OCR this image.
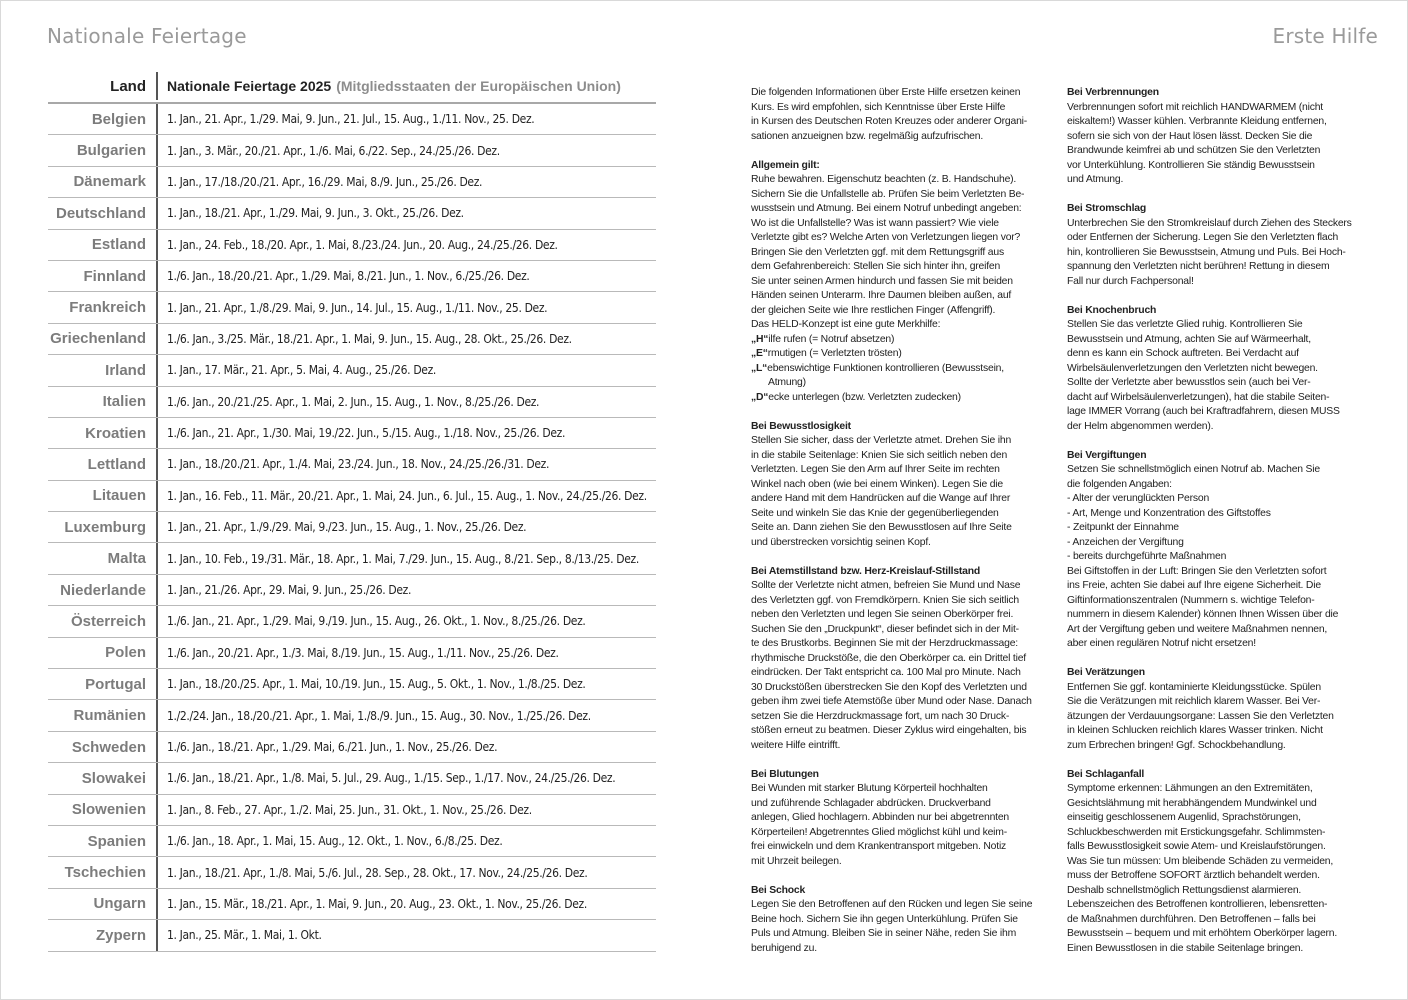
Nationale Feiertage	Erste Hilfe
Land	Nationale Feiertage 2025 (Mitgliedsstaaten der Europäischen Union)
Belgien	1. Jan., 21. Apr., 1./29. Mai, 9. Jun., 21. Jul., 15. Aug., 1./11. Nov., 25. Dez.
Bulgarien	1. Jan., 3. Mär., 20./21. Apr., 1./6. Mai, 6./22. Sep., 24./25./26. Dez.
Dänemark	1. Jan., 17./18./20./21. Apr., 16./29. Mai, 8./9. Jun., 25./26. Dez.
Deutschland	1. Jan., 18./21. Apr., 1./29. Mai, 9. Jun., 3. Okt., 25./26. Dez.
Estland	1. Jan., 24. Feb., 18./20. Apr., 1. Mai, 8./23./24. Jun., 20. Aug., 24./25./26. Dez.
Finnland	1./6. Jan., 18./20./21. Apr., 1./29. Mai, 8./21. Jun., 1. Nov., 6./25./26. Dez.
Frankreich	1. Jan., 21. Apr., 1./8./29. Mai, 9. Jun., 14. Jul., 15. Aug., 1./11. Nov., 25. Dez.
Griechenland	1./6. Jan., 3./25. Mär., 18./21. Apr., 1. Mai, 9. Jun., 15. Aug., 28. Okt., 25./26. Dez.
Irland	1. Jan., 17. Mär., 21. Apr., 5. Mai, 4. Aug., 25./26. Dez.
Italien	1./6. Jan., 20./21./25. Apr., 1. Mai, 2. Jun., 15. Aug., 1. Nov., 8./25./26. Dez.
Kroatien	1./6. Jan., 21. Apr., 1./30. Mai, 19./22. Jun., 5./15. Aug., 1./18. Nov., 25./26. Dez.
Lettland	1. Jan., 18./20./21. Apr., 1./4. Mai, 23./24. Jun., 18. Nov., 24./25./26./31. Dez.
Litauen	1. Jan., 16. Feb., 11. Mär., 20./21. Apr., 1. Mai, 24. Jun., 6. Jul., 15. Aug., 1. Nov., 24./25./26. Dez.
Luxemburg	1. Jan., 21. Apr., 1./9./29. Mai, 9./23. Jun., 15. Aug., 1. Nov., 25./26. Dez.
Malta	1. Jan., 10. Feb., 19./31. Mär., 18. Apr., 1. Mai, 7./29. Jun., 15. Aug., 8./21. Sep., 8./13./25. Dez.
Niederlande	1. Jan., 21./26. Apr., 29. Mai, 9. Jun., 25./26. Dez.
Österreich	1./6. Jan., 21. Apr., 1./29. Mai, 9./19. Jun., 15. Aug., 26. Okt., 1. Nov., 8./25./26. Dez.
Polen	1./6. Jan., 20./21. Apr., 1./3. Mai, 8./19. Jun., 15. Aug., 1./11. Nov., 25./26. Dez.
Portugal	1. Jan., 18./20./25. Apr., 1. Mai, 10./19. Jun., 15. Aug., 5. Okt., 1. Nov., 1./8./25. Dez.
Rumänien	1./2./24. Jan., 18./20./21. Apr., 1. Mai, 1./8./9. Jun., 15. Aug., 30. Nov., 1./25./26. Dez.
Schweden	1./6. Jan., 18./21. Apr., 1./29. Mai, 6./21. Jun., 1. Nov., 25./26. Dez.
Slowakei	1./6. Jan., 18./21. Apr., 1./8. Mai, 5. Jul., 29. Aug., 1./15. Sep., 1./17. Nov., 24./25./26. Dez.
Slowenien	1. Jan., 8. Feb., 27. Apr., 1./2. Mai, 25. Jun., 31. Okt., 1. Nov., 25./26. Dez.
Spanien	1./6. Jan., 18. Apr., 1. Mai, 15. Aug., 12. Okt., 1. Nov., 6./8./25. Dez.
Tschechien	1. Jan., 18./21. Apr., 1./8. Mai, 5./6. Jul., 28. Sep., 28. Okt., 17. Nov., 24./25./26. Dez.
Ungarn	1. Jan., 15. Mär., 18./21. Apr., 1. Mai, 9. Jun., 20. Aug., 23. Okt., 1. Nov., 25./26. Dez.
Zypern	1. Jan., 25. Mär., 1. Mai, 1. Okt.

Die folgenden Informationen über Erste Hilfe ersetzen keinen

Kurs. Es wird empfohlen, sich Kenntnisse über Erste Hilfe

in Kursen des Deutschen Roten Kreuzes oder anderer Organi-

sationen anzueignen bzw. regelmäßig aufzufrischen.

Allgemein gilt:

Ruhe bewahren. Eigenschutz beachten (z. B. Handschuhe).

Sichern Sie die Unfallstelle ab. Prüfen Sie beim Verletzten Be-

wusstsein und Atmung. Bei einem Notruf unbedingt angeben:

Wo ist die Unfallstelle? Was ist wann passiert? Wie viele

Verletzte gibt es? Welche Arten von Verletzungen liegen vor?

Bringen Sie den Verletzten ggf. mit dem Rettungsgriff aus

dem Gefahrenbereich: Stellen Sie sich hinter ihn, greifen

Sie unter seinen Armen hindurch und fassen Sie mit beiden

Händen seinen Unterarm. Ihre Daumen bleiben außen, auf

der gleichen Seite wie Ihre restlichen Finger (Affengriff).

Das HELD-Konzept ist eine gute Merkhilfe:

„H“ilfe rufen (= Notruf absetzen)

„E“rmutigen (= Verletzten trösten)

„L“ebenswichtige Funktionen kontrollieren (Bewusstsein,

Atmung)

„D“ecke unterlegen (bzw. Verletzten zudecken)

Bei Bewusstlosigkeit

Stellen Sie sicher, dass der Verletzte atmet. Drehen Sie ihn

in die stabile Seitenlage: Knien Sie sich seitlich neben den

Verletzten. Legen Sie den Arm auf Ihrer Seite im rechten

Winkel nach oben (wie bei einem Winken). Legen Sie die

andere Hand mit dem Handrücken auf die Wange auf Ihrer

Seite und winkeln Sie das Knie der gegenüberliegenden

Seite an. Dann ziehen Sie den Bewusstlosen auf Ihre Seite

und überstrecken vorsichtig seinen Kopf.

Bei Atemstillstand bzw. Herz-Kreislauf-Stillstand

Sollte der Verletzte nicht atmen, befreien Sie Mund und Nase

des Verletzten ggf. von Fremdkörpern. Knien Sie sich seitlich

neben den Verletzten und legen Sie seinen Oberkörper frei.

Suchen Sie den „Druckpunkt“, dieser befindet sich in der Mit-

te des Brustkorbs. Beginnen Sie mit der Herzdruckmassage:

rhythmische Druckstöße, die den Oberkörper ca. ein Drittel tief

eindrücken. Der Takt entspricht ca. 100 Mal pro Minute. Nach

30 Druckstößen überstrecken Sie den Kopf des Verletzten und

geben ihm zwei tiefe Atemstöße über Mund oder Nase. Danach

setzen Sie die Herzdruckmassage fort, um nach 30 Druck-

stößen erneut zu beatmen. Dieser Zyklus wird eingehalten, bis

weitere Hilfe eintrifft.

Bei Blutungen

Bei Wunden mit starker Blutung Körperteil hochhalten

und zuführende Schlagader abdrücken. Druckverband

anlegen, Glied hochlagern. Abbinden nur bei abgetrennten

Körperteilen! Abgetrenntes Glied möglichst kühl und keim-

frei einwickeln und dem Krankentransport mitgeben. Notiz

mit Uhrzeit beilegen.

Bei Schock

Legen Sie den Betroffenen auf den Rücken und legen Sie seine

Beine hoch. Sichern Sie ihn gegen Unterkühlung. Prüfen Sie

Puls und Atmung. Bleiben Sie in seiner Nähe, reden Sie ihm

beruhigend zu.

Bei Verbrennungen

Verbrennungen sofort mit reichlich HANDWARMEM (nicht

eiskaltem!) Wasser kühlen. Verbrannte Kleidung entfernen,

sofern sie sich von der Haut lösen lässt. Decken Sie die

Brandwunde keimfrei ab und schützen Sie den Verletzten

vor Unterkühlung. Kontrollieren Sie ständig Bewusstsein

und Atmung.

Bei Stromschlag

Unterbrechen Sie den Stromkreislauf durch Ziehen des Steckers

oder Entfernen der Sicherung. Legen Sie den Verletzten flach

hin, kontrollieren Sie Bewusstsein, Atmung und Puls. Bei Hoch-

spannung den Verletzten nicht berühren! Rettung in diesem

Fall nur durch Fachpersonal!

Bei Knochenbruch

Stellen Sie das verletzte Glied ruhig. Kontrollieren Sie

Bewusstsein und Atmung, achten Sie auf Wärmeerhalt,

denn es kann ein Schock auftreten. Bei Verdacht auf

Wirbelsäulenverletzungen den Verletzten nicht bewegen.

Sollte der Verletzte aber bewusstlos sein (auch bei Ver-

dacht auf Wirbelsäulenverletzungen), hat die stabile Seiten-

lage IMMER Vorrang (auch bei Kraftradfahrern, diesen MUSS

der Helm abgenommen werden).

Bei Vergiftungen

Setzen Sie schnellstmöglich einen Notruf ab. Machen Sie

die folgenden Angaben:

- Alter der verunglückten Person

- Art, Menge und Konzentration des Giftstoffes

- Zeitpunkt der Einnahme

- Anzeichen der Vergiftung

- bereits durchgeführte Maßnahmen

Bei Giftstoffen in der Luft: Bringen Sie den Verletzten sofort

ins Freie, achten Sie dabei auf Ihre eigene Sicherheit. Die

Giftinformationszentralen (Nummern s. wichtige Telefon-

nummern in diesem Kalender) können Ihnen Wissen über die

Art der Vergiftung geben und weitere Maßnahmen nennen,

aber einen regulären Notruf nicht ersetzen!

Bei Verätzungen

Entfernen Sie ggf. kontaminierte Kleidungsstücke. Spülen

Sie die Verätzungen mit reichlich klarem Wasser. Bei Ver-

ätzungen der Verdauungsorgane: Lassen Sie den Verletzten

in kleinen Schlucken reichlich klares Wasser trinken. Nicht

zum Erbrechen bringen! Ggf. Schockbehandlung.

Bei Schlaganfall

Symptome erkennen: Lähmungen an den Extremitäten,

Gesichtslähmung mit herabhängendem Mundwinkel und

einseitig geschlossenem Augenlid, Sprachstörungen,

Schluckbeschwerden mit Erstickungsgefahr. Schlimmsten-

falls Bewusstlosigkeit sowie Atem- und Kreislaufstörungen.

Was Sie tun müssen: Um bleibende Schäden zu vermeiden,

muss der Betroffene SOFORT ärztlich behandelt werden.

Deshalb schnellstmöglich Rettungsdienst alarmieren.

Lebenszeichen des Betroffenen kontrollieren, lebensretten-

de Maßnahmen durchführen. Den Betroffenen – falls bei

Bewusstsein – bequem und mit erhöhtem Oberkörper lagern.

Einen Bewusstlosen in die stabile Seitenlage bringen.
